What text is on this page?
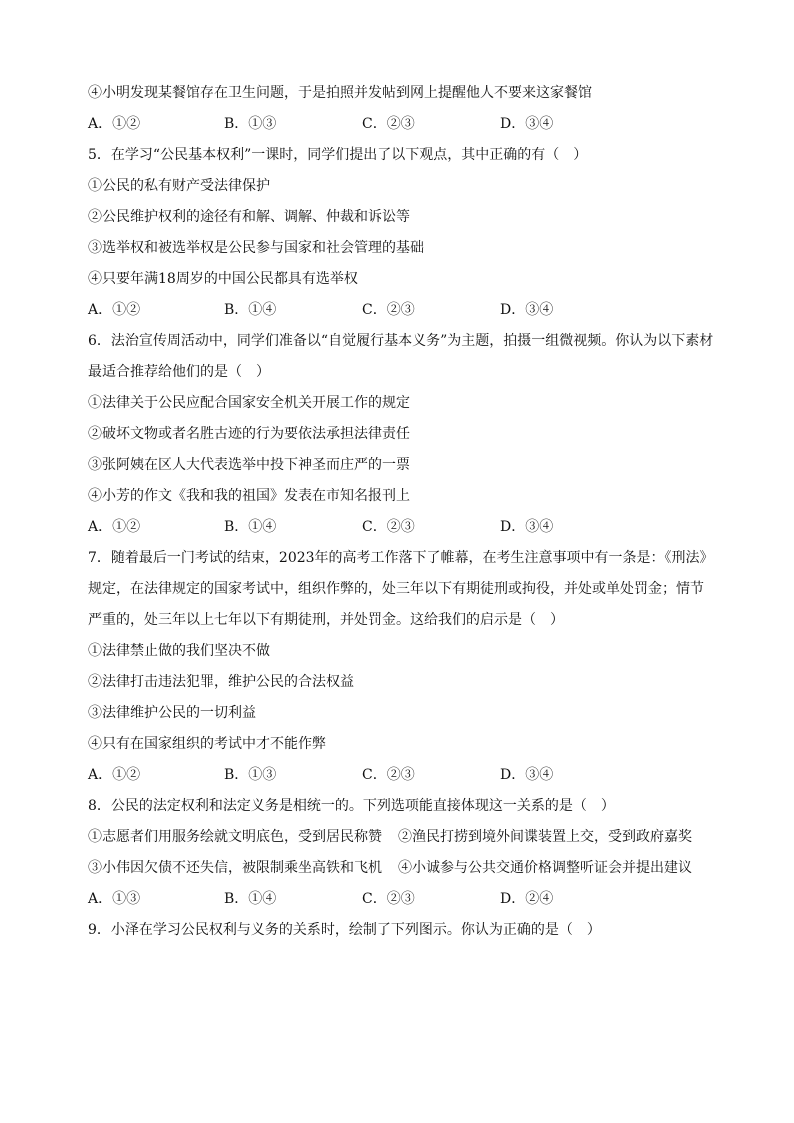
④小明发现某餐馆存在卫生问题，于是拍照并发帖到网上提醒他人不要来这家餐馆
A．①②	B．①③	C．②③	D．③④
5．在学习“公民基本权利”一课时，同学们提出了以下观点，其中正确的有（　）
①公民的私有财产受法律保护
②公民维护权利的途径有和解、调解、仲裁和诉讼等
③选举权和被选举权是公民参与国家和社会管理的基础
④只要年满18周岁的中国公民都具有选举权
A．①②	B．①④	C．②③	D．③④
6．法治宣传周活动中，同学们准备以“自觉履行基本义务”为主题，拍摄一组微视频。你认为以下素材
最适合推荐给他们的是（　）
①法律关于公民应配合国家安全机关开展工作的规定
②破坏文物或者名胜古迹的行为要依法承担法律责任
③张阿姨在区人大代表选举中投下神圣而庄严的一票
④小芳的作文《我和我的祖国》发表在市知名报刊上
A．①②	B．①④	C．②③	D．③④
7．随着最后一门考试的结束，2023年的高考工作落下了帷幕，在考生注意事项中有一条是：《刑法》
规定，在法律规定的国家考试中，组织作弊的，处三年以下有期徒刑或拘役，并处或单处罚金；情节
严重的，处三年以上七年以下有期徒刑，并处罚金。这给我们的启示是（　）
①法律禁止做的我们坚决不做
②法律打击违法犯罪，维护公民的合法权益
③法律维护公民的一切利益
④只有在国家组织的考试中才不能作弊
A．①②	B．①③	C．②③	D．③④
8．公民的法定权利和法定义务是相统一的。下列选项能直接体现这一关系的是（　）
①志愿者们用服务绘就文明底色，受到居民称赞 ②渔民打捞到境外间谍装置上交，受到政府嘉奖
③小伟因欠债不还失信，被限制乘坐高铁和飞机 ④小诚参与公共交通价格调整听证会并提出建议
A．①③	B．①④	C．②③	D．②④
9．小泽在学习公民权利与义务的关系时，绘制了下列图示。你认为正确的是（　）
